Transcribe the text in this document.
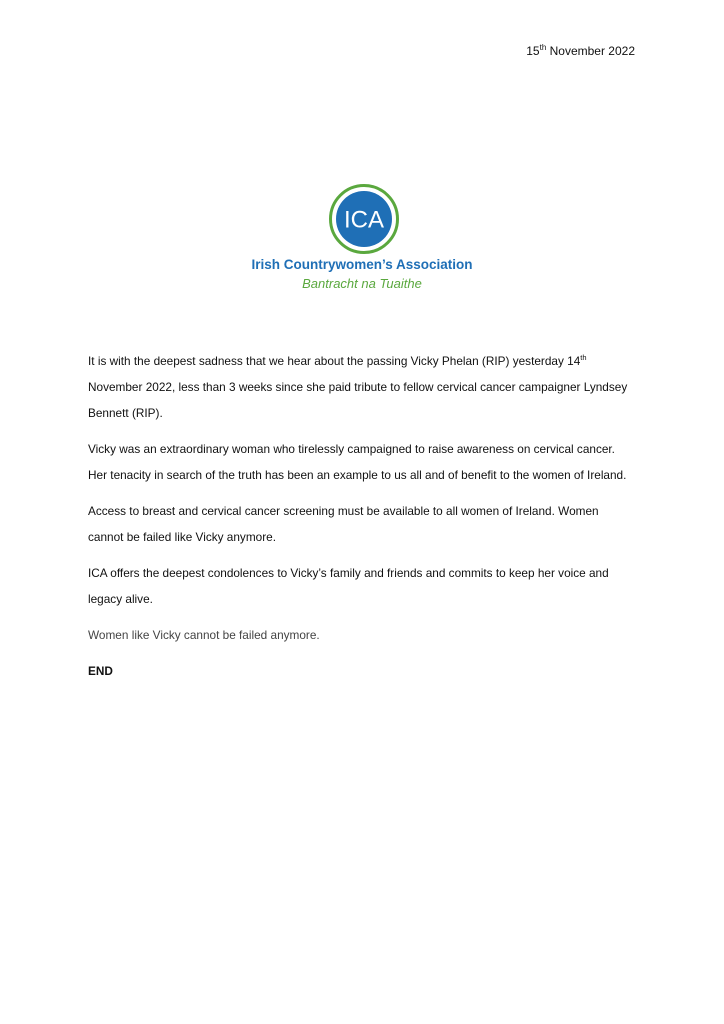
15th November 2022
ICA
Irish Countrywomen’s Association
Bantracht na Tuaithe

It is with the deepest sadness that we hear about the passing Vicky Phelan (RIP) yesterday 14th November 2022, less than 3 weeks since she paid tribute to fellow cervical cancer campaigner Lyndsey Bennett (RIP).

Vicky was an extraordinary woman who tirelessly campaigned to raise awareness on cervical cancer. Her tenacity in search of the truth has been an example to us all and of benefit to the women of Ireland.

Access to breast and cervical cancer screening must be available to all women of Ireland. Women cannot be failed like Vicky anymore.

ICA offers the deepest condolences to Vicky’s family and friends and commits to keep her voice and legacy alive.

Women like Vicky cannot be failed anymore.

END
